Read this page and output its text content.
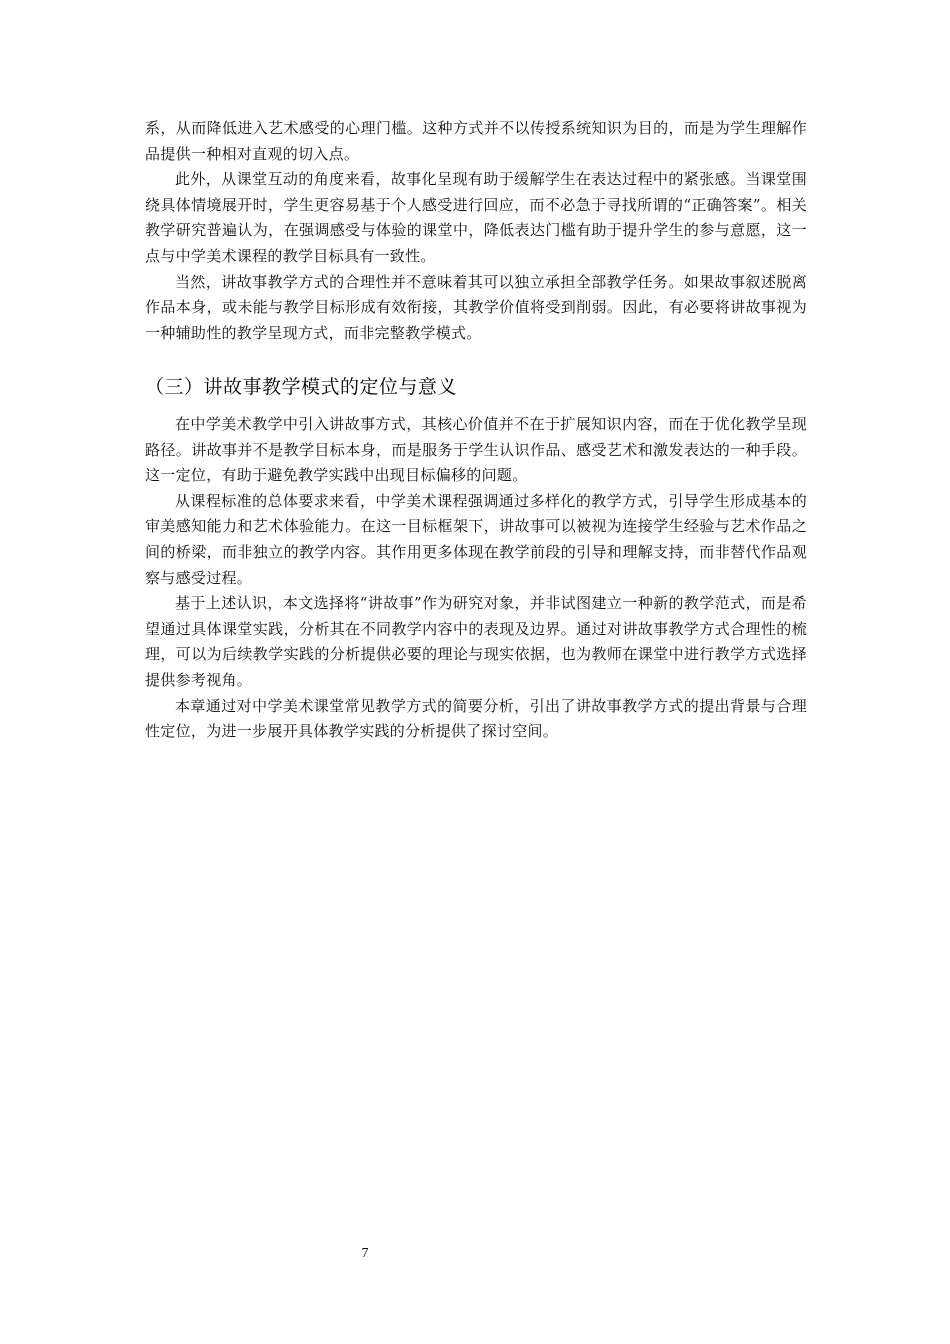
系，从而降低进入艺术感受的心理门槛。这种方式并不以传授系统知识为目的，而是为学生理解作品提供一种相对直观的切入点。

此外，从课堂互动的角度来看，故事化呈现有助于缓解学生在表达过程中的紧张感。当课堂围绕具体情境展开时，学生更容易基于个人感受进行回应，而不必急于寻找所谓的“正确答案”。相关教学研究普遍认为，在强调感受与体验的课堂中，降低表达门槛有助于提升学生的参与意愿，这一点与中学美术课程的教学目标具有一致性。

当然，讲故事教学方式的合理性并不意味着其可以独立承担全部教学任务。如果故事叙述脱离作品本身，或未能与教学目标形成有效衔接，其教学价值将受到削弱。因此，有必要将讲故事视为一种辅助性的教学呈现方式，而非完整教学模式。

（三）讲故事教学模式的定位与意义

在中学美术教学中引入讲故事方式，其核心价值并不在于扩展知识内容，而在于优化教学呈现路径。讲故事并不是教学目标本身，而是服务于学生认识作品、感受艺术和激发表达的一种手段。这一定位，有助于避免教学实践中出现目标偏移的问题。

从课程标准的总体要求来看，中学美术课程强调通过多样化的教学方式，引导学生形成基本的审美感知能力和艺术体验能力。在这一目标框架下，讲故事可以被视为连接学生经验与艺术作品之间的桥梁，而非独立的教学内容。其作用更多体现在教学前段的引导和理解支持，而非替代作品观察与感受过程。

基于上述认识，本文选择将“讲故事”作为研究对象，并非试图建立一种新的教学范式，而是希望通过具体课堂实践，分析其在不同教学内容中的表现及边界。通过对讲故事教学方式合理性的梳理，可以为后续教学实践的分析提供必要的理论与现实依据，也为教师在课堂中进行教学方式选择提供参考视角。

本章通过对中学美术课堂常见教学方式的简要分析，引出了讲故事教学方式的提出背景与合理性定位，为进一步展开具体教学实践的分析提供了探讨空间。

7
